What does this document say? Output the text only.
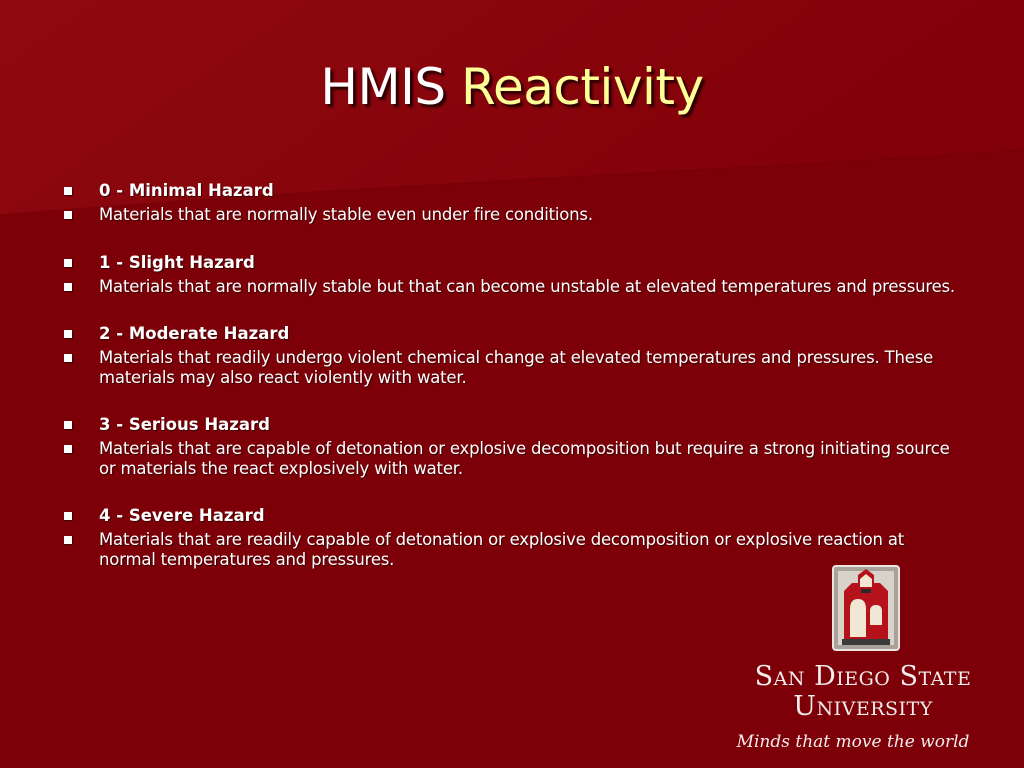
HMIS Reactivity
0 - Minimal Hazard
Materials that are normally stable even under fire conditions.
1 - Slight Hazard
Materials that are normally stable but that can become unstable at elevated temperatures and pressures.
2 - Moderate Hazard
Materials that readily undergo violent chemical change at elevated temperatures and pressures. These materials may also react violently with water.
3 - Serious Hazard
Materials that are capable of detonation or explosive decomposition but require a strong initiating source or materials the react explosively with water.
4 - Severe Hazard
Materials that are readily capable of detonation or explosive decomposition or explosive reaction at normal temperatures and pressures.
San Diego State
University
Minds that move the world
